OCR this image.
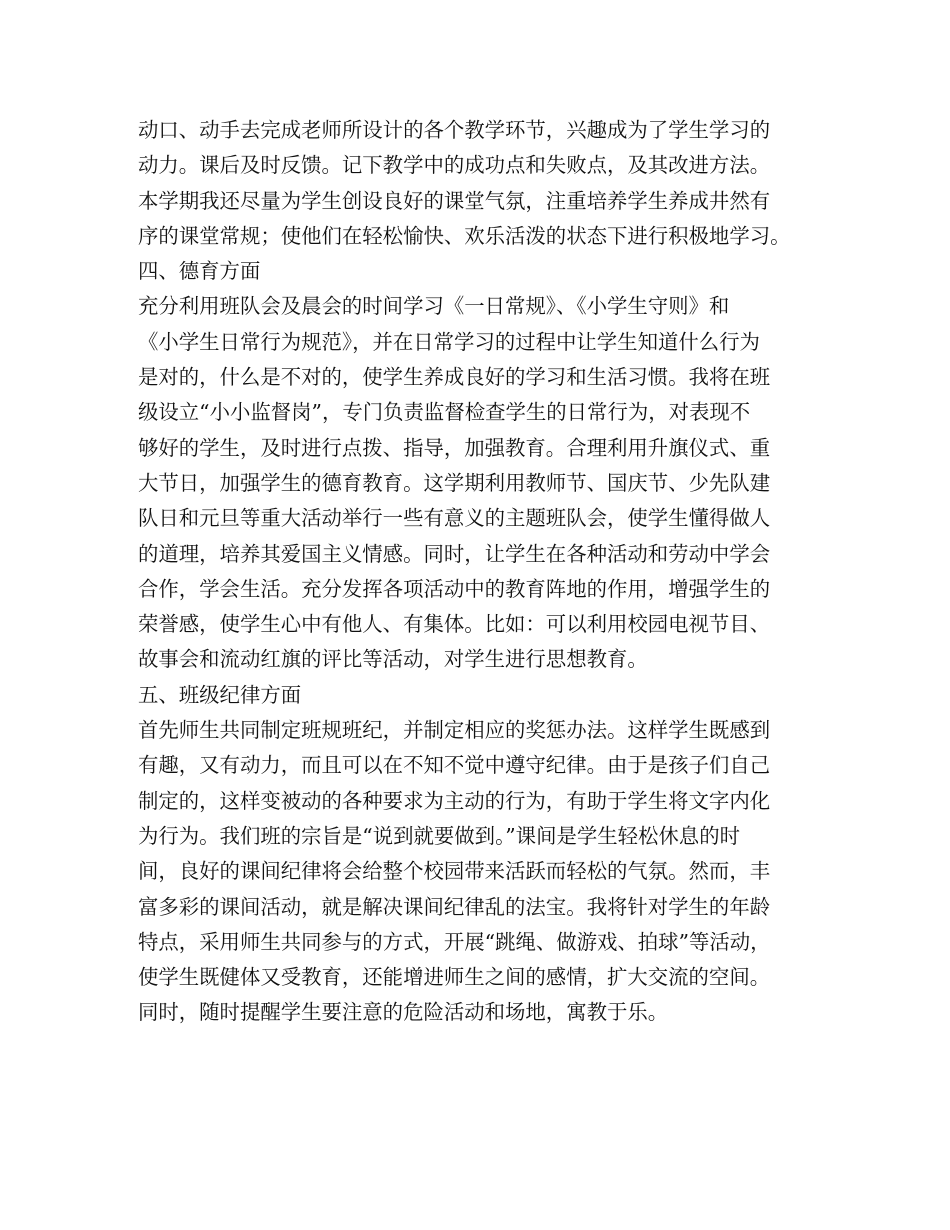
动口、动手去完成老师所设计的各个教学环节，兴趣成为了学生学习的
动力。课后及时反馈。记下教学中的成功点和失败点，及其改进方法。
本学期我还尽量为学生创设良好的课堂气氛，注重培养学生养成井然有
序的课堂常规；使他们在轻松愉快、欢乐活泼的状态下进行积极地学习。
四、德育方面
充分利用班队会及晨会的时间学习《一日常规》、《小学生守则》和
《小学生日常行为规范》，并在日常学习的过程中让学生知道什么行为
是对的，什么是不对的，使学生养成良好的学习和生活习惯。我将在班
级设立“小小监督岗”，专门负责监督检查学生的日常行为，对表现不
够好的学生，及时进行点拨、指导，加强教育。合理利用升旗仪式、重
大节日，加强学生的德育教育。这学期利用教师节、国庆节、少先队建
队日和元旦等重大活动举行一些有意义的主题班队会，使学生懂得做人
的道理，培养其爱国主义情感。同时，让学生在各种活动和劳动中学会
合作，学会生活。充分发挥各项活动中的教育阵地的作用，增强学生的
荣誉感，使学生心中有他人、有集体。比如：可以利用校园电视节目、
故事会和流动红旗的评比等活动，对学生进行思想教育。
五、班级纪律方面
首先师生共同制定班规班纪，并制定相应的奖惩办法。这样学生既感到
有趣，又有动力，而且可以在不知不觉中遵守纪律。由于是孩子们自己
制定的，这样变被动的各种要求为主动的行为，有助于学生将文字内化
为行为。我们班的宗旨是“说到就要做到。”课间是学生轻松休息的时
间，良好的课间纪律将会给整个校园带来活跃而轻松的气氛。然而，丰
富多彩的课间活动，就是解决课间纪律乱的法宝。我将针对学生的年龄
特点，采用师生共同参与的方式，开展“跳绳、做游戏、拍球”等活动，
使学生既健体又受教育，还能增进师生之间的感情，扩大交流的空间。
同时，随时提醒学生要注意的危险活动和场地，寓教于乐。
